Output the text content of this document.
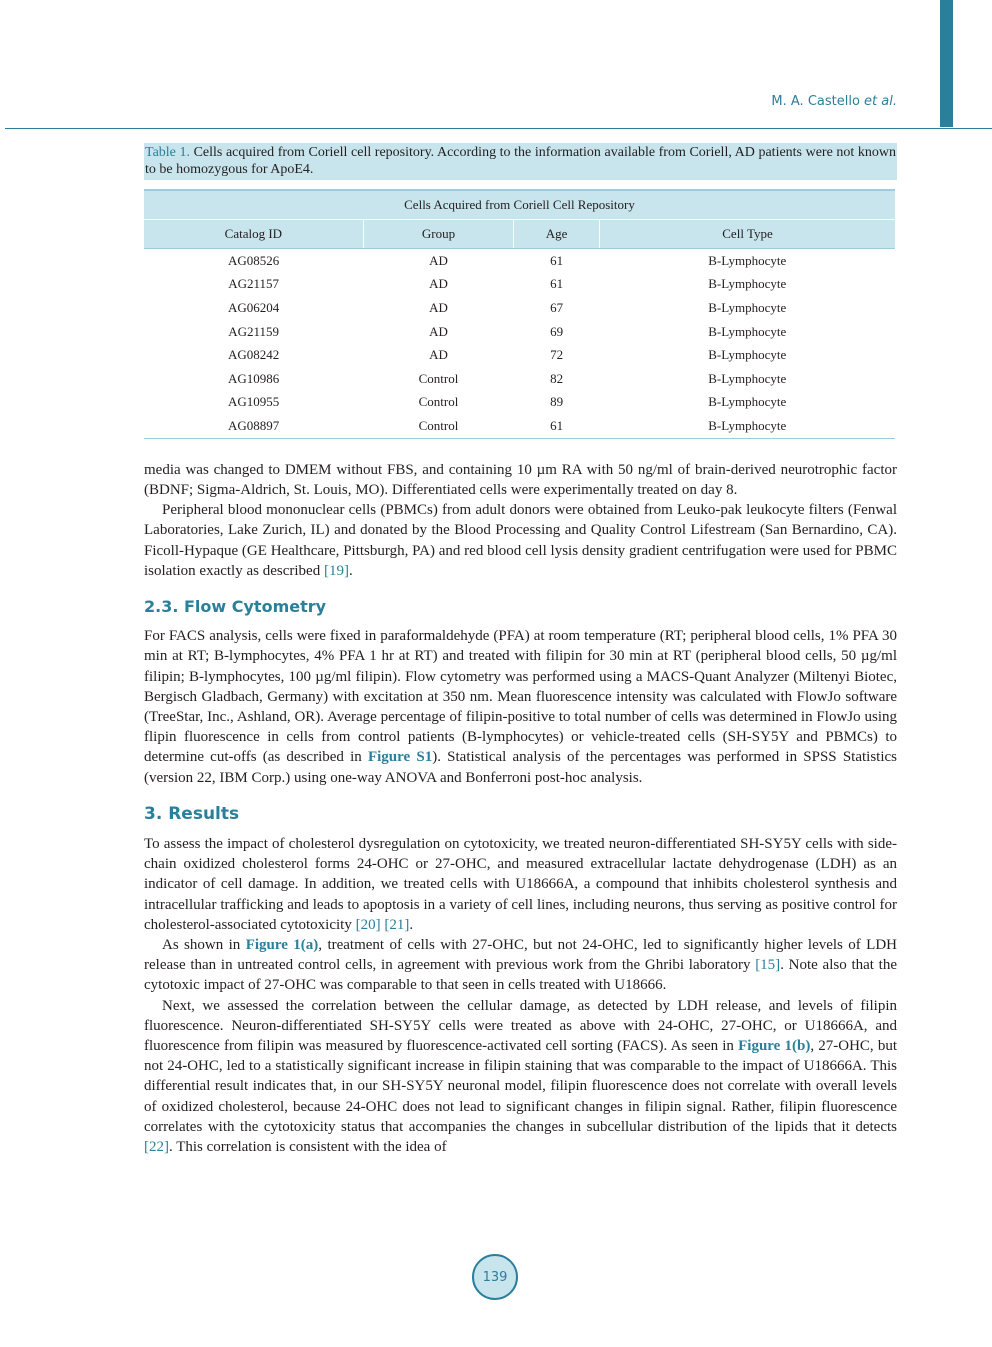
M. A. Castello et al.
Table 1. Cells acquired from Coriell cell repository. According to the information available from Coriell, AD patients were not known to be homozygous for ApoE4.
Cells Acquired from Coriell Cell Repository			
Catalog ID	Group	Age	Cell Type
AG08526	AD	61	B-Lymphocyte
AG21157	AD	61	B-Lymphocyte
AG06204	AD	67	B-Lymphocyte
AG21159	AD	69	B-Lymphocyte
AG08242	AD	72	B-Lymphocyte
AG10986	Control	82	B-Lymphocyte
AG10955	Control	89	B-Lymphocyte
AG08897	Control	61	B-Lymphocyte

media was changed to DMEM without FBS, and containing 10 µm RA with 50 ng/ml of brain-derived neurotrophic factor (BDNF; Sigma-Aldrich, St. Louis, MO). Differentiated cells were experimentally treated on day 8.

Peripheral blood mononuclear cells (PBMCs) from adult donors were obtained from Leuko-pak leukocyte filters (Fenwal Laboratories, Lake Zurich, IL) and donated by the Blood Processing and Quality Control Lifestream (San Bernardino, CA). Ficoll-Hypaque (GE Healthcare, Pittsburgh, PA) and red blood cell lysis density gradient centrifugation were used for PBMC isolation exactly as described [19].

2.3. Flow Cytometry

For FACS analysis, cells were fixed in paraformaldehyde (PFA) at room temperature (RT; peripheral blood cells, 1% PFA 30 min at RT; B-lymphocytes, 4% PFA 1 hr at RT) and treated with filipin for 30 min at RT (peripheral blood cells, 50 µg/ml filipin; B-lymphocytes, 100 µg/ml filipin). Flow cytometry was performed using a MACS-Quant Analyzer (Miltenyi Biotec, Bergisch Gladbach, Germany) with excitation at 350 nm. Mean fluorescence intensity was calculated with FlowJo software (TreeStar, Inc., Ashland, OR). Average percentage of filipin-positive to total number of cells was determined in FlowJo using flipin fluorescence in cells from control patients (B-lymphocytes) or vehicle-treated cells (SH-SY5Y and PBMCs) to determine cut-offs (as described in Figure S1). Statistical analysis of the percentages was performed in SPSS Statistics (version 22, IBM Corp.) using one-way ANOVA and Bonferroni post-hoc analysis.

3. Results

To assess the impact of cholesterol dysregulation on cytotoxicity, we treated neuron-differentiated SH-SY5Y cells with side-chain oxidized cholesterol forms 24-OHC or 27-OHC, and measured extracellular lactate dehydrogenase (LDH) as an indicator of cell damage. In addition, we treated cells with U18666A, a compound that inhibits cholesterol synthesis and intracellular trafficking and leads to apoptosis in a variety of cell lines, including neurons, thus serving as positive control for cholesterol-associated cytotoxicity [20] [21].

As shown in Figure 1(a), treatment of cells with 27-OHC, but not 24-OHC, led to significantly higher levels of LDH release than in untreated control cells, in agreement with previous work from the Ghribi laboratory [15]. Note also that the cytotoxic impact of 27-OHC was comparable to that seen in cells treated with U18666.

Next, we assessed the correlation between the cellular damage, as detected by LDH release, and levels of filipin fluorescence. Neuron-differentiated SH-SY5Y cells were treated as above with 24-OHC, 27-OHC, or U18666A, and fluorescence from filipin was measured by fluorescence-activated cell sorting (FACS). As seen in Figure 1(b), 27-OHC, but not 24-OHC, led to a statistically significant increase in filipin staining that was comparable to the impact of U18666A. This differential result indicates that, in our SH-SY5Y neuronal model, filipin fluorescence does not correlate with overall levels of oxidized cholesterol, because 24-OHC does not lead to significant changes in filipin signal. Rather, filipin fluorescence correlates with the cytotoxicity status that accompanies the changes in subcellular distribution of the lipids that it detects [22]. This correlation is consistent with the idea of

139
